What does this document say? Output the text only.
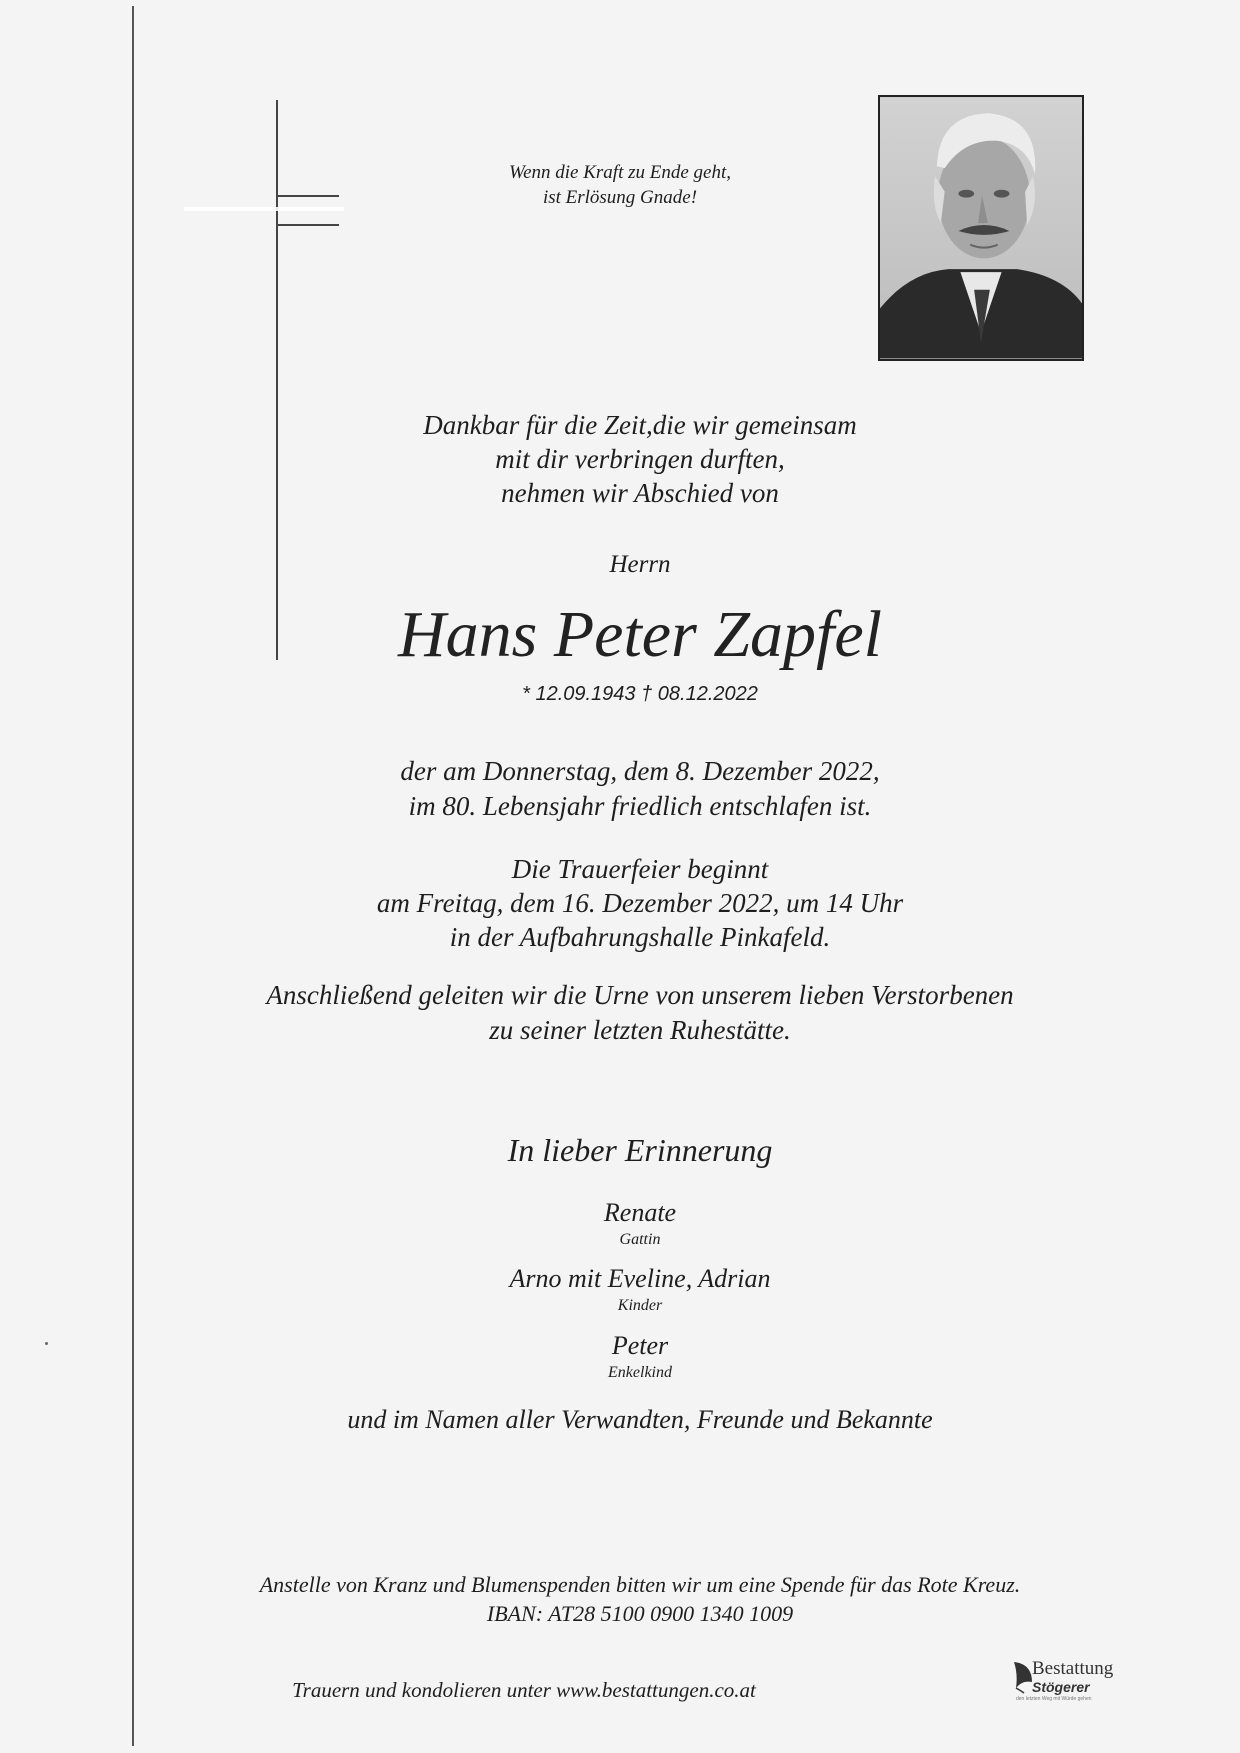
Wenn die Kraft zu Ende geht,
ist Erlösung Gnade!
Dankbar für die Zeit,die wir gemeinsam
mit dir verbringen durften,
nehmen wir Abschied von
Herrn
Hans Peter Zapfel
* 12.09.1943 † 08.12.2022
der am Donnerstag, dem 8. Dezember 2022,
im 80. Lebensjahr friedlich entschlafen ist.
Die Trauerfeier beginnt
am Freitag, dem 16. Dezember 2022, um 14 Uhr
in der Aufbahrungshalle Pinkafeld.
Anschließend geleiten wir die Urne von unserem lieben Verstorbenen
zu seiner letzten Ruhestätte.
In lieber Erinnerung
Renate
Gattin
Arno mit Eveline, Adrian
Kinder
Peter
Enkelkind
und im Namen aller Verwandten, Freunde und Bekannte
Anstelle von Kranz und Blumenspenden bitten wir um eine Spende für das Rote Kreuz.
IBAN: AT28 5100 0900 1340 1009
Trauern und kondolieren unter www.bestattungen.co.at
Bestattung
Stögerer
den letzten Weg mit Würde gehen
